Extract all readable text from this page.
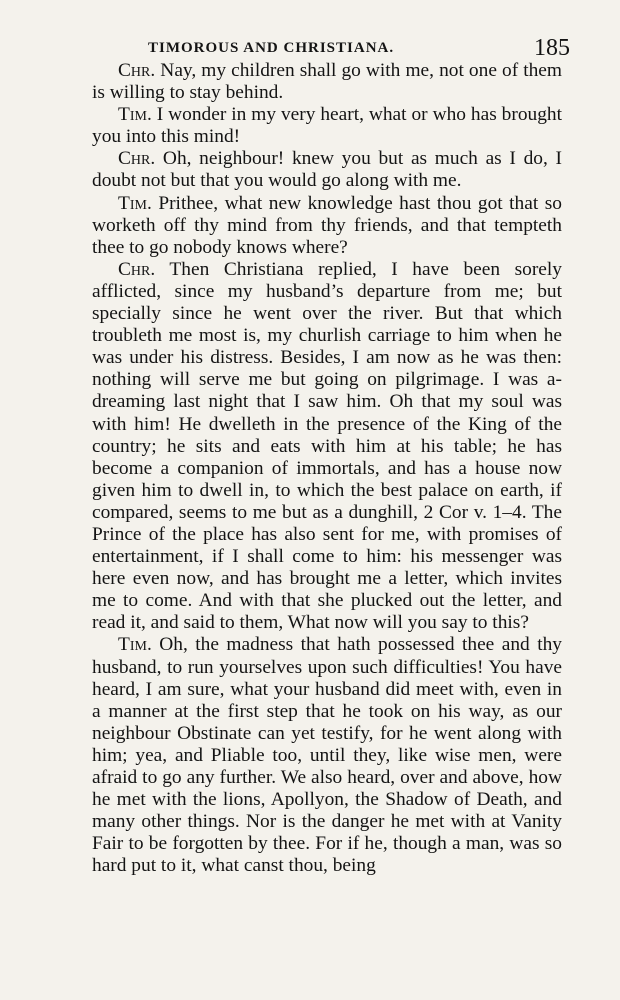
TIMOROUS AND CHRISTIANA.	185

Chr. Nay, my children shall go with me, not one of them is willing to stay behind.

Tim. I wonder in my very heart, what or who has brought you into this mind!

Chr. Oh, neighbour! knew you but as much as I do, I doubt not but that you would go along with me.

Tim. Prithee, what new knowledge hast thou got that so worketh off thy mind from thy friends, and that tempteth thee to go nobody knows where?

Chr. Then Christiana replied, I have been sorely afflicted, since my husband’s departure from me; but specially since he went over the river. But that which troubleth me most is, my churlish carriage to him when he was under his distress. Besides, I am now as he was then: nothing will serve me but going on pilgrimage. I was a-dreaming last night that I saw him. Oh that my soul was with him! He dwelleth in the presence of the King of the country; he sits and eats with him at his table; he has become a companion of immortals, and has a house now given him to dwell in, to which the best palace on earth, if compared, seems to me but as a dunghill, 2 Cor v. 1–4. The Prince of the place has also sent for me, with promises of entertainment, if I shall come to him: his messenger was here even now, and has brought me a letter, which invites me to come. And with that she plucked out the letter, and read it, and said to them, What now will you say to this?

Tim. Oh, the madness that hath possessed thee and thy husband, to run yourselves upon such difficulties! You have heard, I am sure, what your husband did meet with, even in a manner at the first step that he took on his way, as our neighbour Obstinate can yet testify, for he went along with him; yea, and Pliable too, until they, like wise men, were afraid to go any further. We also heard, over and above, how he met with the lions, Apollyon, the Shadow of Death, and many other things. Nor is the danger he met with at Vanity Fair to be forgotten by thee. For if he, though a man, was so hard put to it, what canst thou, being
